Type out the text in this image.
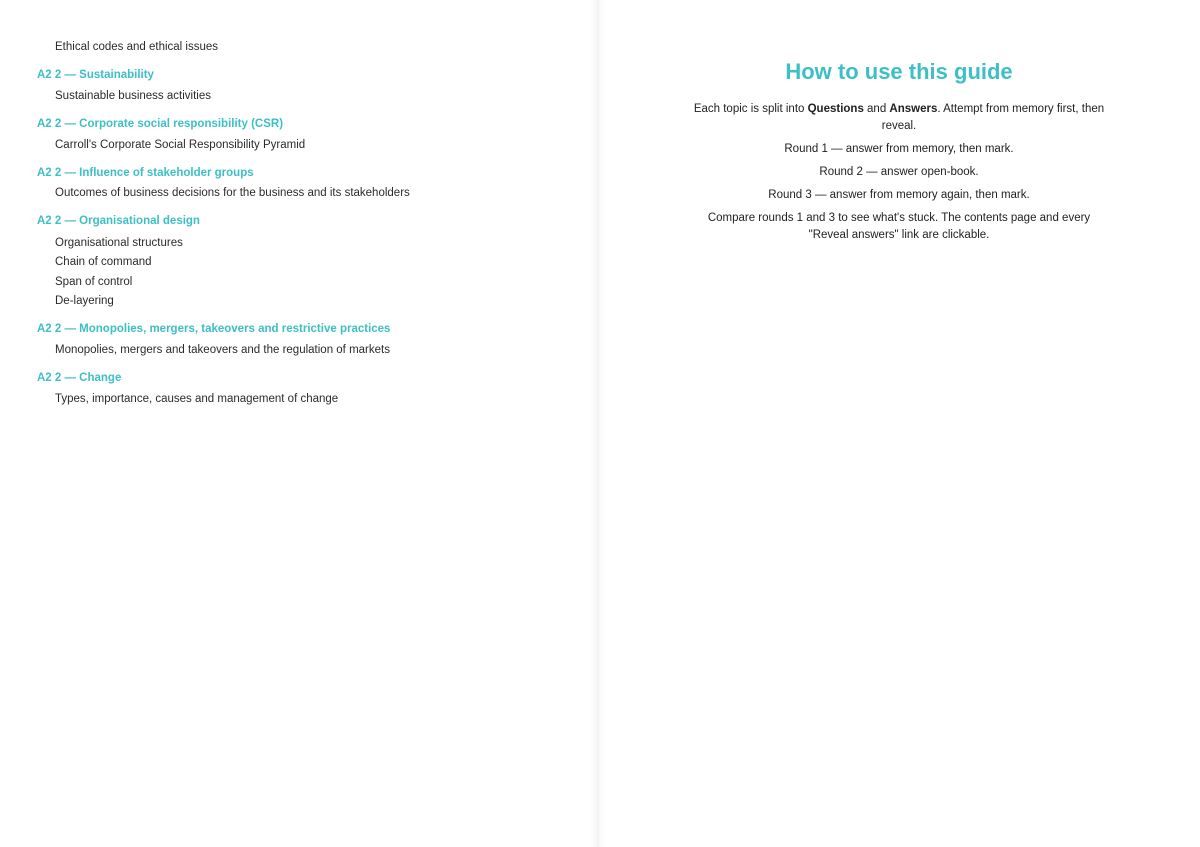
Ethical codes and ethical issues
A2 2 — Sustainability
Sustainable business activities
A2 2 — Corporate social responsibility (CSR)
Carroll's Corporate Social Responsibility Pyramid
A2 2 — Influence of stakeholder groups
Outcomes of business decisions for the business and its stakeholders
A2 2 — Organisational design
Organisational structures
Chain of command
Span of control
De-layering
A2 2 — Monopolies, mergers, takeovers and restrictive practices
Monopolies, mergers and takeovers and the regulation of markets
A2 2 — Change
Types, importance, causes and management of change
How to use this guide

Each topic is split into Questions and Answers. Attempt from memory first, then reveal.

Round 1 — answer from memory, then mark.

Round 2 — answer open-book.

Round 3 — answer from memory again, then mark.

Compare rounds 1 and 3 to see what's stuck. The contents page and every "Reveal answers" link are clickable.
